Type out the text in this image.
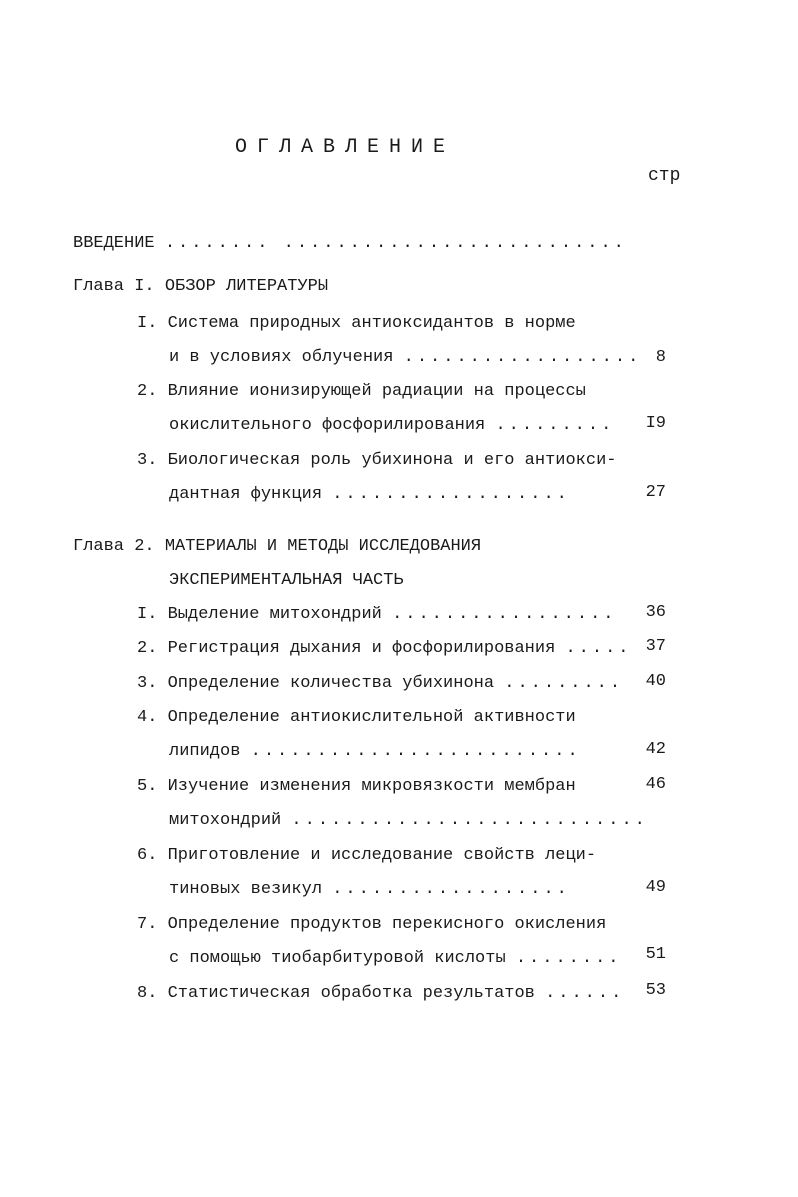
ОГЛАВЛЕНИЕ
стр
ВВЕДЕНИЕ ........ ..........................
Глава I. ОБЗОР ЛИТЕРАТУРЫ
I. Система природных антиоксидантов в норме
и в условиях облучения .................. 8
2. Влияние ионизирующей радиации на процессы
окислительного фосфорилирования .........	I9
3. Биологическая роль убихинона и его антиокси-
дантная функция ..................	27
Глава 2. МАТЕРИАЛЫ И МЕТОДЫ ИССЛЕДОВАНИЯ
ЭКСПЕРИМЕНТАЛЬНАЯ ЧАСТЬ
I. Выделение митохондрий .................	36
2. Регистрация дыхания и фосфорилирования ..... 37
3. Определение количества убихинона .........	40
4. Определение антиокислительной активности
липидов .........................	42
5. Изучение изменения микровязкости мембран	46
митохондрий ...........................
6. Приготовление и исследование свойств леци-
тиновых везикул ..................	49
7. Определение продуктов перекисного окисления
с помощью тиобарбитуровой кислоты ........	51
8. Статистическая обработка результатов ......	53
